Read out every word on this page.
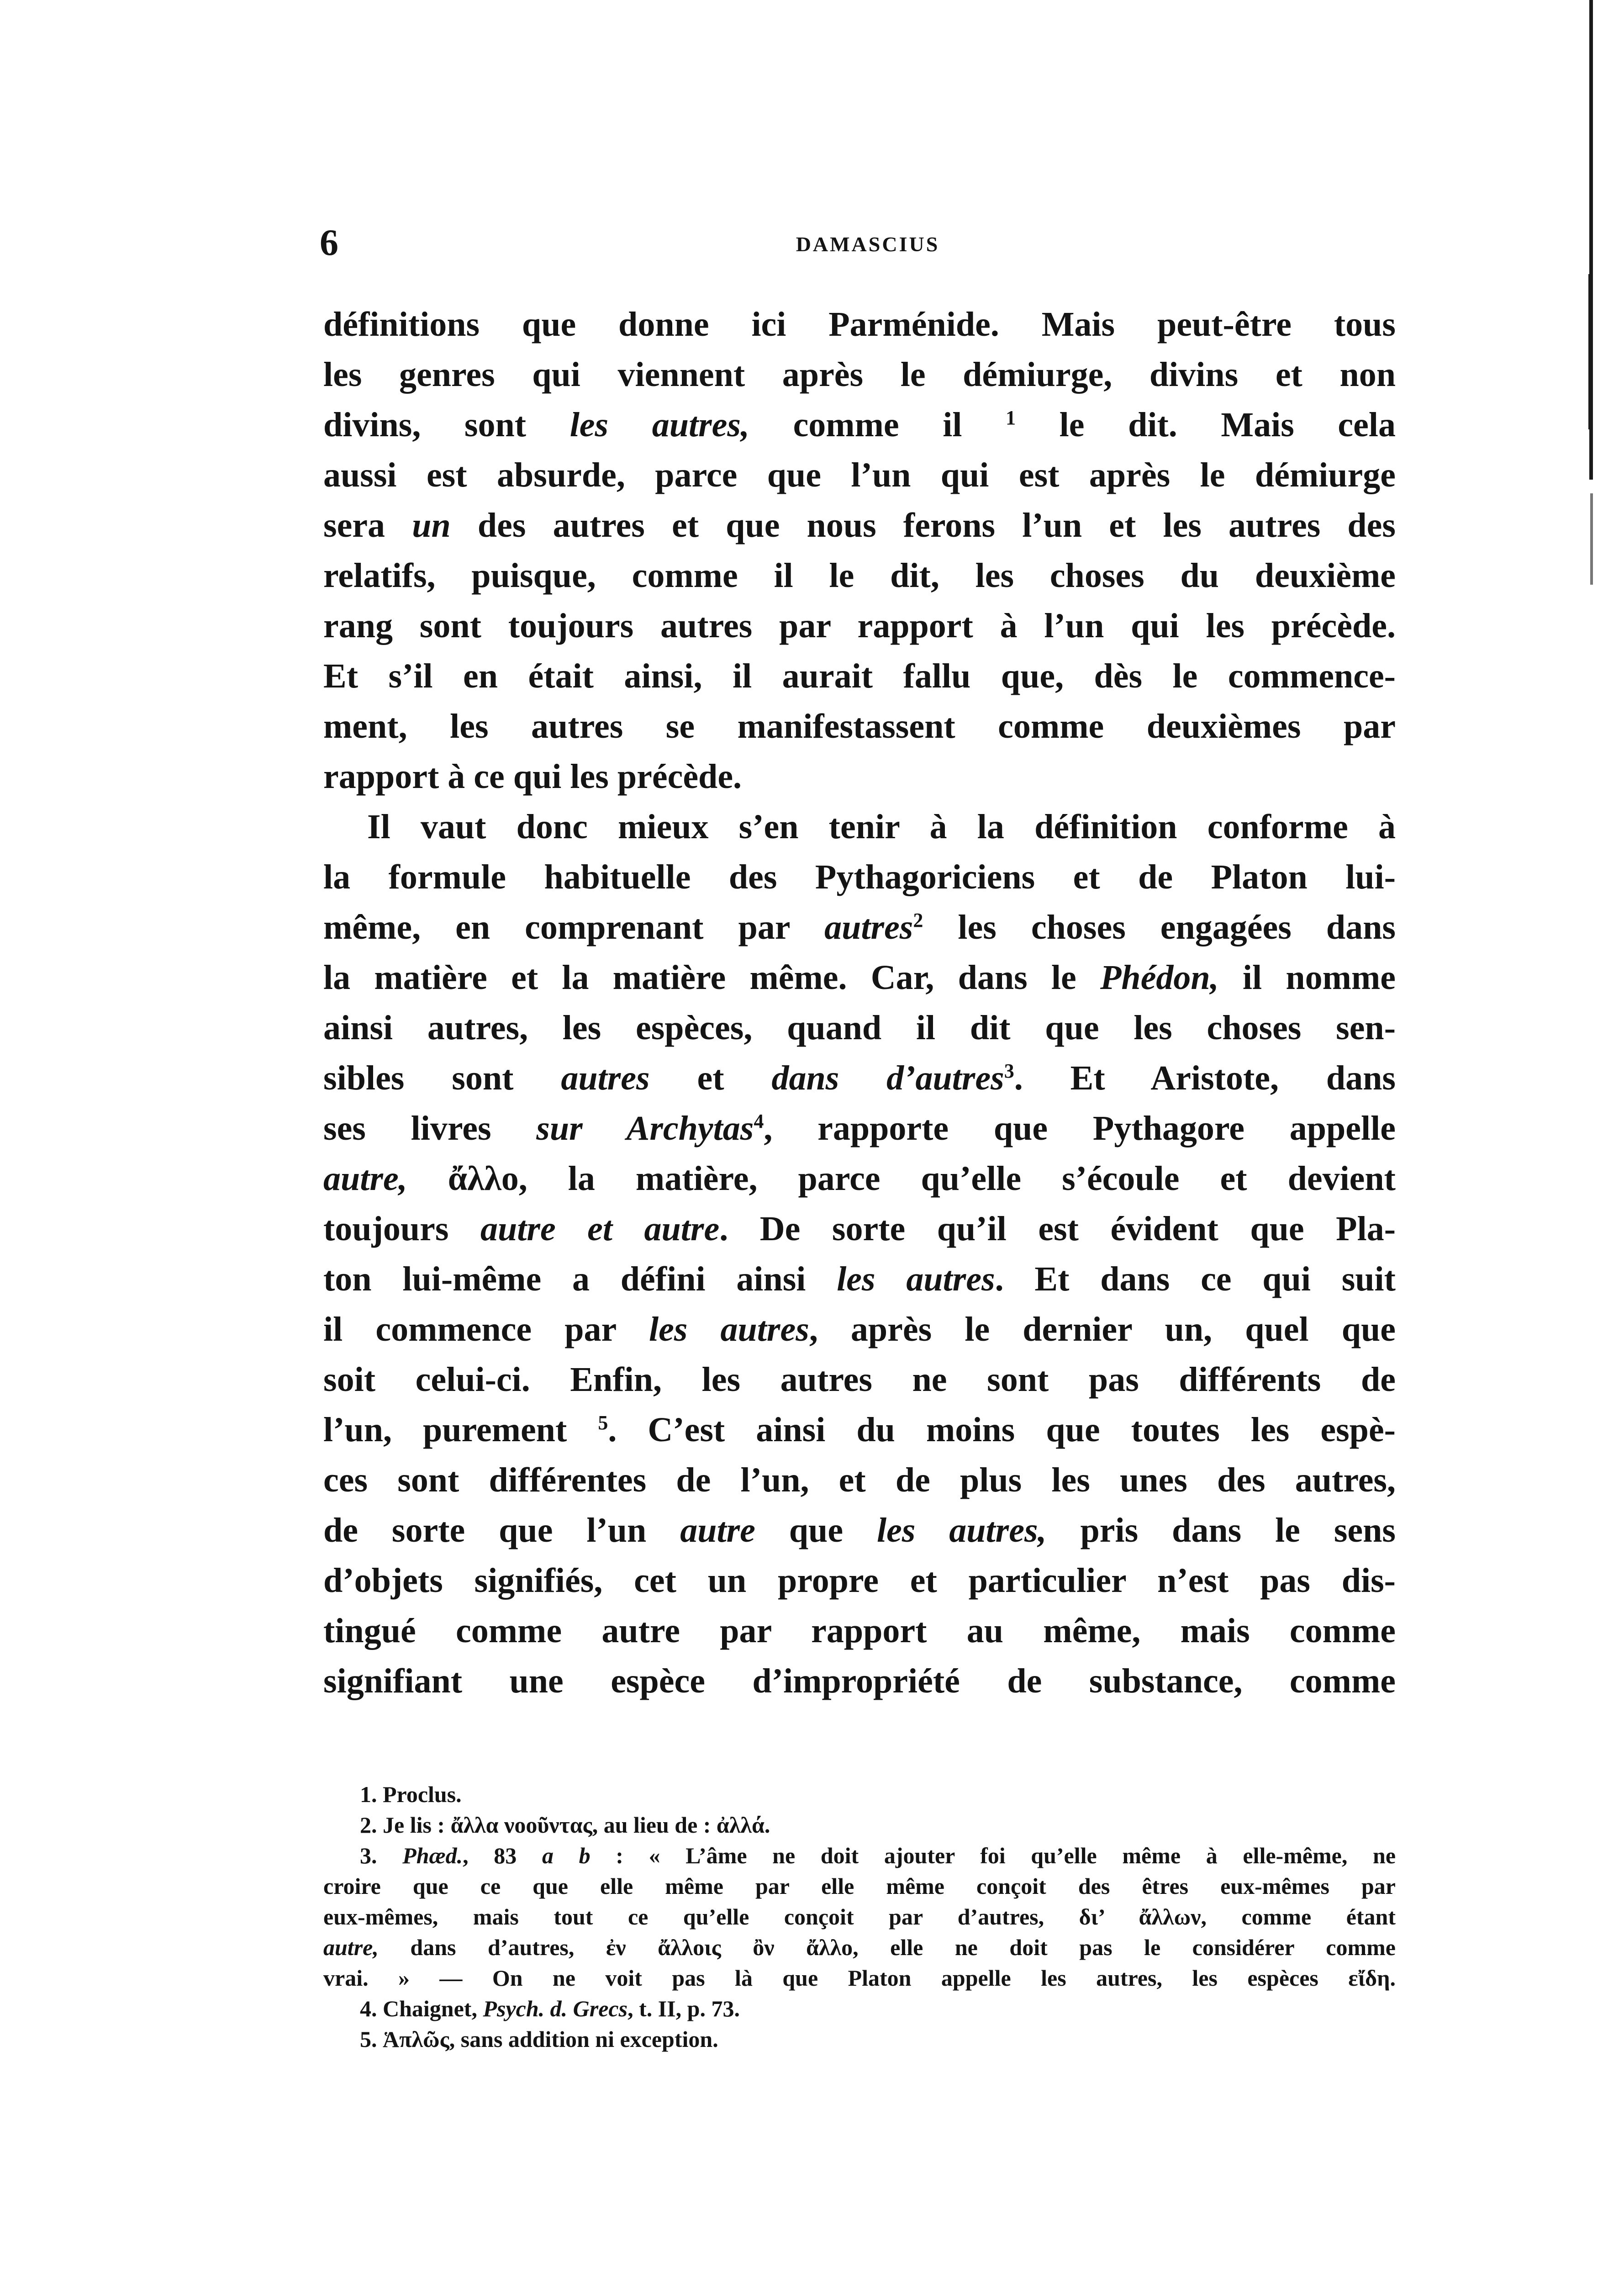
6	DAMASCIUS
définitions que donne ici Parménide. Mais peut-être tous
les genres qui viennent après le démiurge, divins et non
divins, sont les autres, comme il $^1$ le dit. Mais cela
aussi est absurde, parce que l’un qui est après le démiurge
sera un des autres et que nous ferons l’un et les autres des
relatifs, puisque, comme il le dit, les choses du deuxième
rang sont toujours autres par rapport à l’un qui les précède.
Et s’il en était ainsi, il aurait fallu que, dès le commence-
ment, les autres se manifestassent comme deuxièmes par
rapport à ce qui les précède.
Il vaut donc mieux s’en tenir à la définition conforme à
la formule habituelle des Pythagoriciens et de Platon lui-
même, en comprenant par autres$^2$ les choses engagées dans
la matière et la matière même. Car, dans le Phédon, il nomme
ainsi autres, les espèces, quand il dit que les choses sen-
sibles sont autres et dans d’autres$^3$. Et Aristote, dans
ses livres sur Archytas$^4$, rapporte que Pythagore appelle
autre, ἄλλο, la matière, parce qu’elle s’écoule et devient
toujours autre et autre. De sorte qu’il est évident que Pla-
ton lui-même a défini ainsi les autres. Et dans ce qui suit
il commence par les autres, après le dernier un, quel que
soit celui-ci. Enfin, les autres ne sont pas différents de
l’un, purement $^5$. C’est ainsi du moins que toutes les espè-
ces sont différentes de l’un, et de plus les unes des autres,
de sorte que l’un autre que les autres, pris dans le sens
d’objets signifiés, cet un propre et particulier n’est pas dis-
tingué comme autre par rapport au même, mais comme
signifiant une espèce d’impropriété de substance, comme
1. Proclus.
2. Je lis : ἄλλα νοοῦντας, au lieu de : ἀλλά.
3. Phæd., 83 a b : « L’âme ne doit ajouter foi qu’elle même à elle-même, ne
croire que ce que elle même par elle même conçoit des êtres eux-mêmes par
eux-mêmes, mais tout ce qu’elle conçoit par d’autres, δι’ ἄλλων, comme étant
autre, dans d’autres, ἐν ἄλλοις ὂν ἄλλο, elle ne doit pas le considérer comme
vrai. » — On ne voit pas là que Platon appelle les autres, les espèces εἴδη.
4. Chaignet, Psych. d. Grecs, t. II, p. 73.
5. Ἁπλῶς, sans addition ni exception.
